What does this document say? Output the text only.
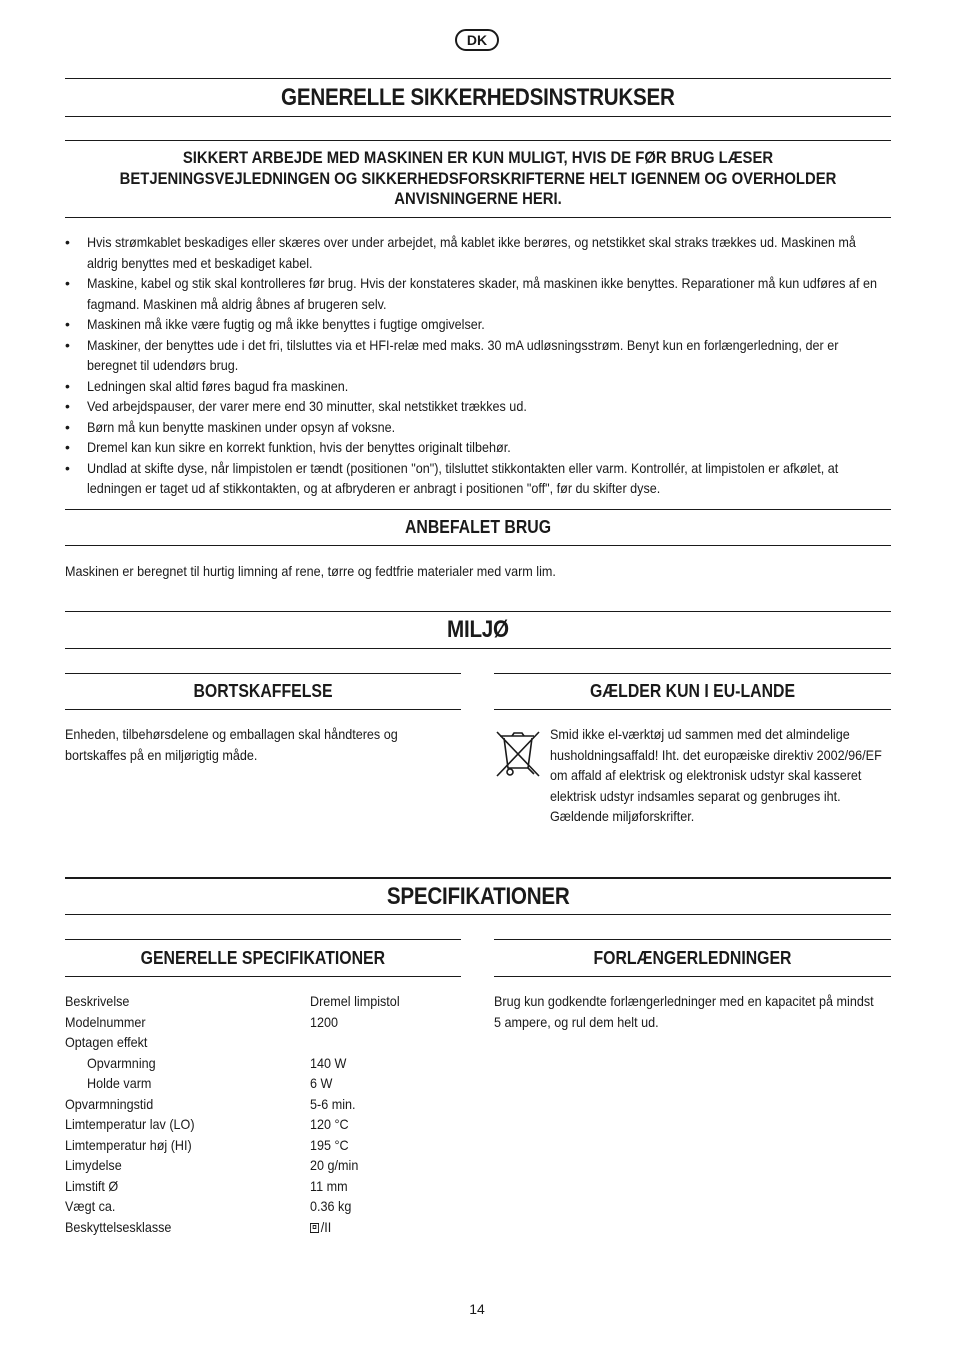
DK
GENERELLE SIKKERHEDSINSTRUKSER
SIKKERT ARBEJDE MED MASKINEN ER KUN MULIGT, HVIS DE FØR BRUG LÆSER BETJENINGSVEJLEDNINGEN OG SIKKERHEDSFORSKRIFTERNE HELT IGENNEM OG OVERHOLDER ANVISNINGERNE HERI.
• Hvis strømkablet beskadiges eller skæres over under arbejdet, må kablet ikke berøres, og netstikket skal straks trækkes ud. Maskinen må aldrig benyttes med et beskadiget kabel.
• Maskine, kabel og stik skal kontrolleres før brug. Hvis der konstateres skader, må maskinen ikke benyttes. Reparationer må kun udføres af en fagmand. Maskinen må aldrig åbnes af brugeren selv.
• Maskinen må ikke være fugtig og må ikke benyttes i fugtige omgivelser.
• Maskiner, der benyttes ude i det fri, tilsluttes via et HFI-relæ med maks. 30 mA udløsningsstrøm. Benyt kun en forlængerledning, der er beregnet til udendørs brug.
• Ledningen skal altid føres bagud fra maskinen.
• Ved arbejdspauser, der varer mere end 30 minutter, skal netstikket trækkes ud.
• Børn må kun benytte maskinen under opsyn af voksne.
• Dremel kan kun sikre en korrekt funktion, hvis der benyttes originalt tilbehør.
• Undlad at skifte dyse, når limpistolen er tændt (positionen "on"), tilsluttet stikkontakten eller varm. Kontrollér, at limpistolen er afkølet, at ledningen er taget ud af stikkontakten, og at afbryderen er anbragt i positionen "off", før du skifter dyse.
ANBEFALET BRUG
Maskinen er beregnet til hurtig limning af rene, tørre og fedtfrie materialer med varm lim.
MILJØ
BORTSKAFFELSE
Enheden, tilbehørsdelene og emballagen skal håndteres og bortskaffes på en miljørigtig måde.
GÆLDER KUN I EU-LANDE
Smid ikke el-værktøj ud sammen med det almindelige husholdningsaffald! Iht. det europæiske direktiv 2002/96/EF om affald af elektrisk og elektronisk udstyr skal kasseret elektrisk udstyr indsamles separat og genbruges iht. Gældende miljøforskrifter.
SPECIFIKATIONER
GENERELLE SPECIFIKATIONER
Beskrivelse	Dremel limpistol
Modelnummer	1200
Optagen effekt
Opvarmning	140 W
Holde varm	6 W
Opvarmningstid	5-6 min.
Limtemperatur lav (LO)	120 °C
Limtemperatur høj (HI)	195 °C
Limydelse	20 g/min
Limstift Ø	11 mm
Vægt ca.	0.36 kg
Beskyttelsesklasse	/II
FORLÆNGERLEDNINGER
Brug kun godkendte forlængerledninger med en kapacitet på mindst 5 ampere, og rul dem helt ud.
14
